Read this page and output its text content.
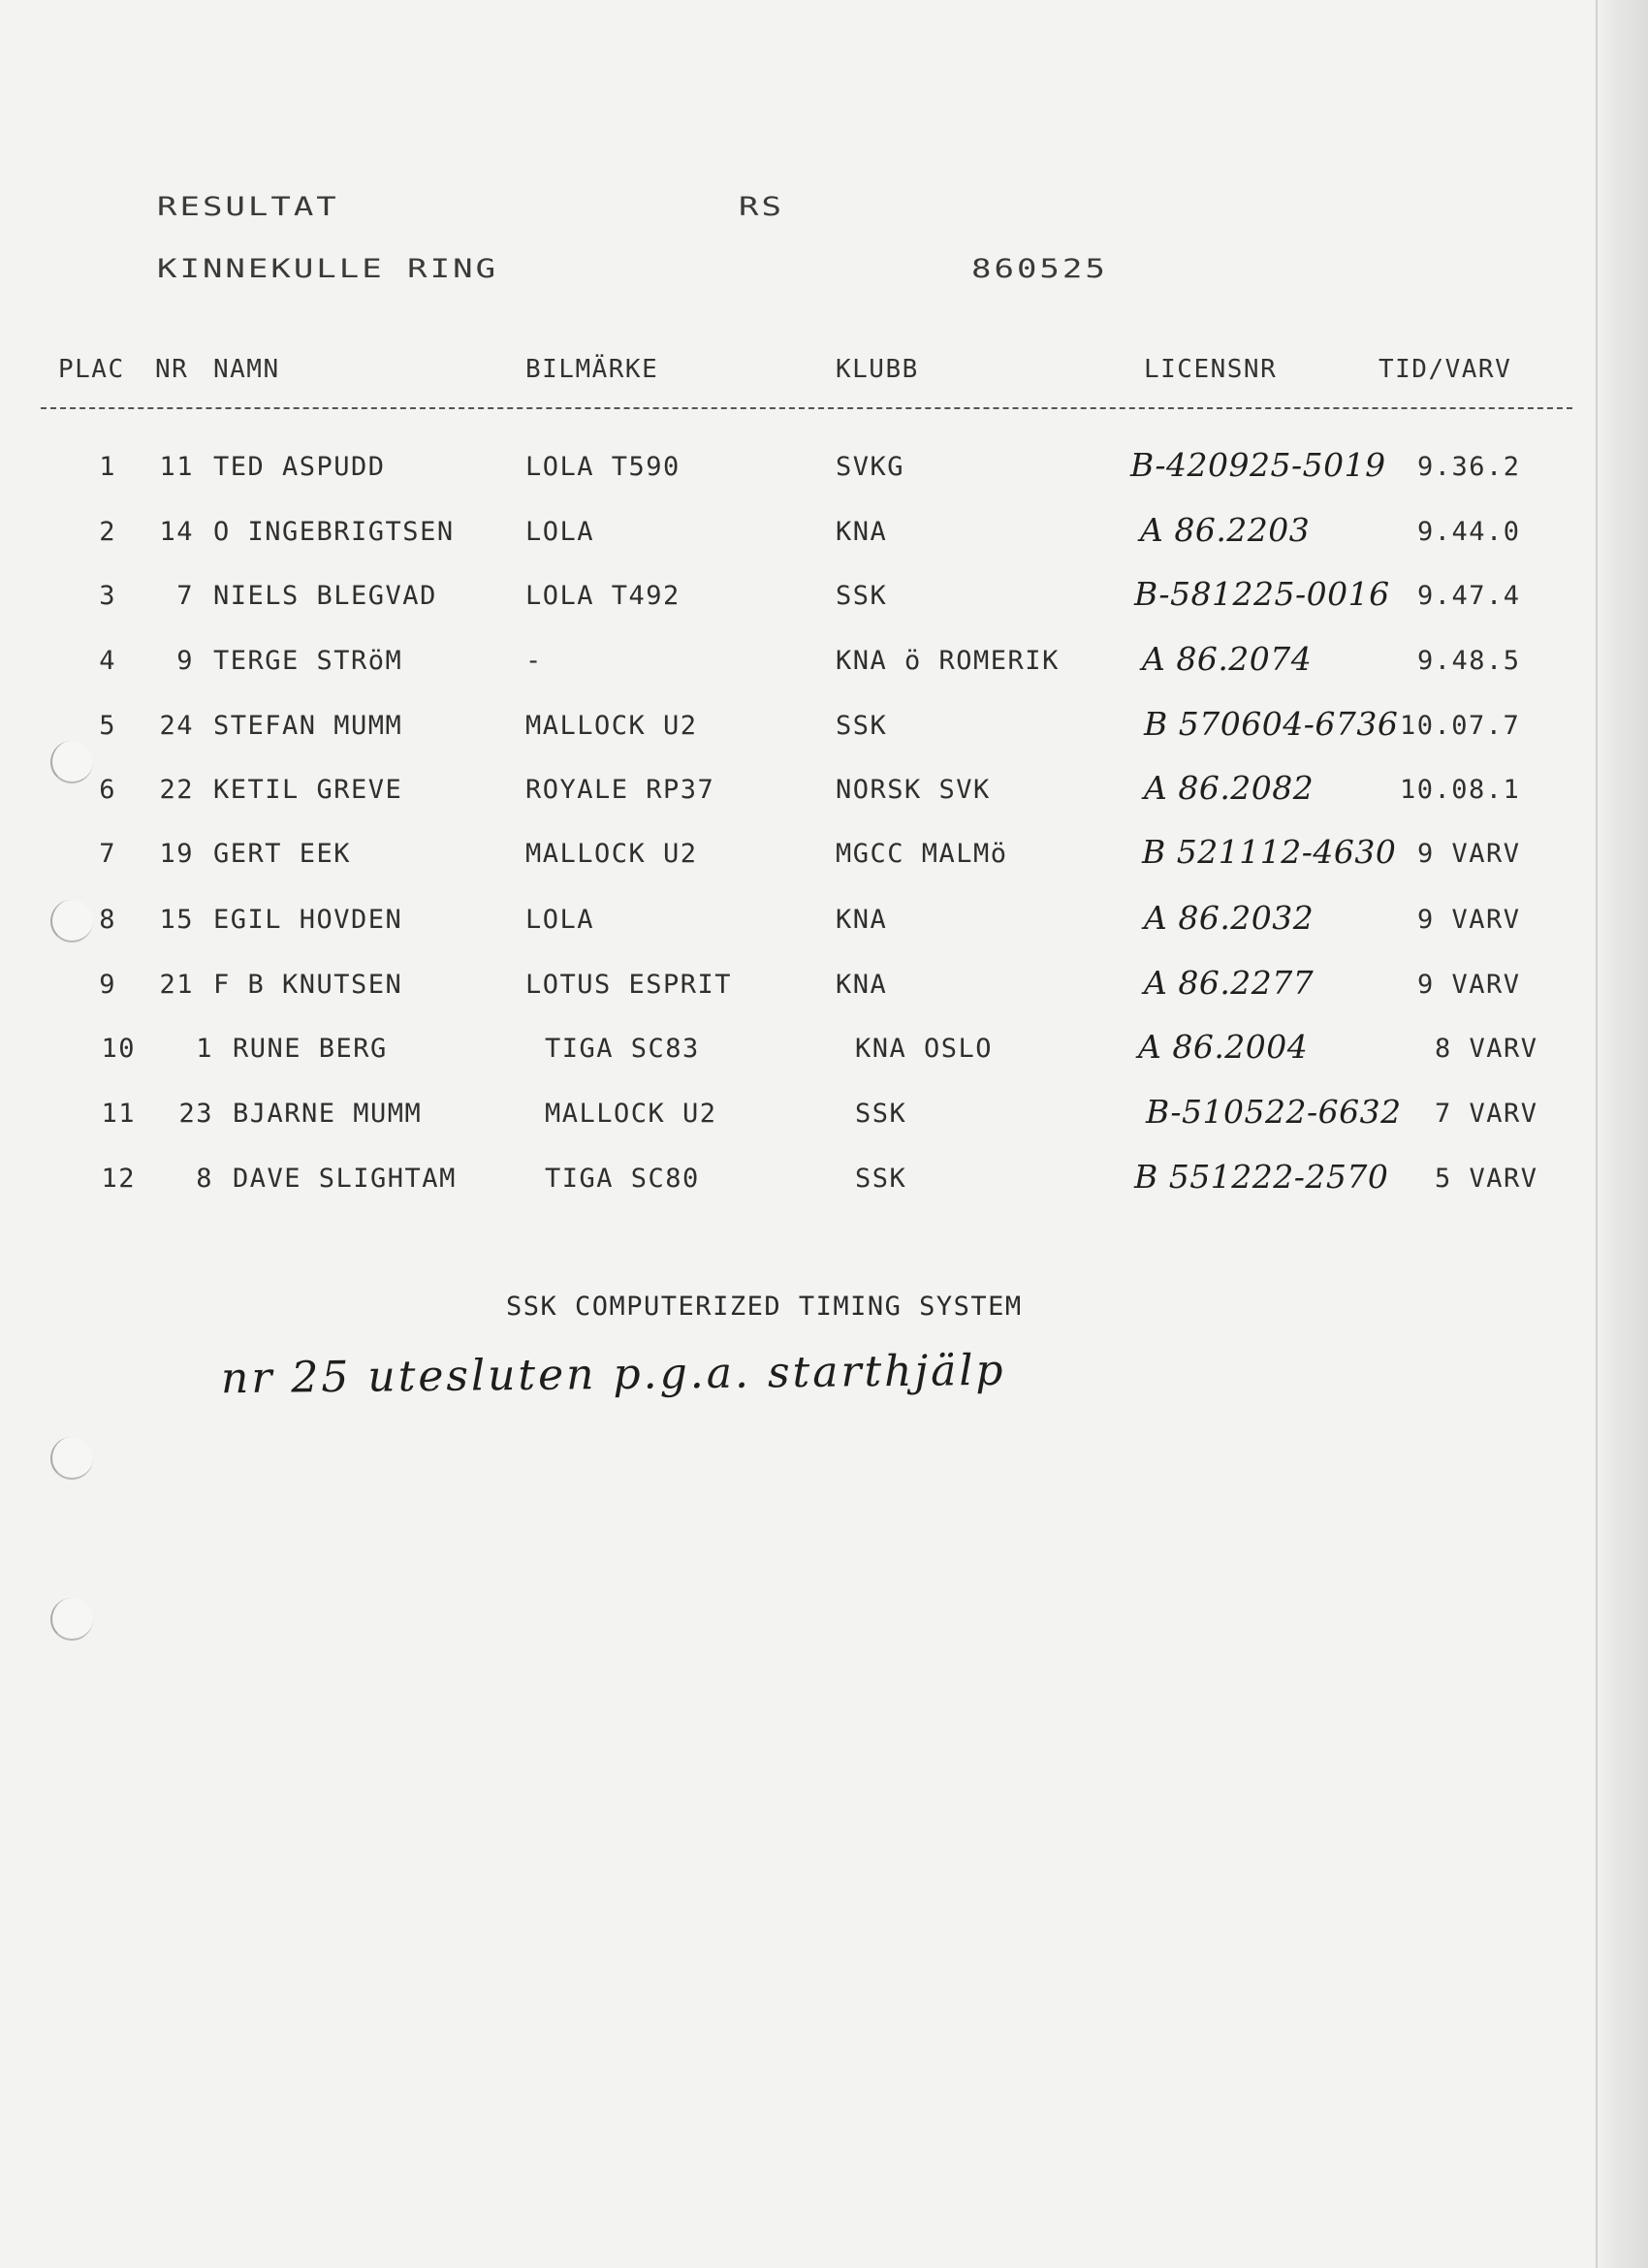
RESULTAT	RS
KINNEKULLE RING	860525
PLAC NR NAMN	BILMÄRKE	KLUBB	LICENSNR	TID/VARV
1	11 TED ASPUDD	LOLA T590	SVKG	B-420925-5019 9.36.2
2	14 O INGEBRIGTSEN	LOLA	KNA	A 86.2203	9.44.0
3	7 NIELS BLEGVAD	LOLA T492	SSK	B-581225-0016 9.47.4
4	9 TERGE STRöM	-	KNA ö ROMERIK	A 86.2074	9.48.5
5	24 STEFAN MUMM	MALLOCK U2	SSK	B 570604-6736 10.07.7
6	22 KETIL GREVE	ROYALE RP37	NORSK SVK	A 86.2082	10.08.1
7	19 GERT EEK	MALLOCK U2	MGCC MALMö	B 521112-4630 9 VARV
8	15 EGIL HOVDEN	LOLA	KNA	A 86.2032	9 VARV
9	21 F B KNUTSEN	LOTUS ESPRIT	KNA	A 86.2277	9 VARV
10	1 RUNE BERG	TIGA SC83	KNA OSLO	A 86.2004	8 VARV
11	23 BJARNE MUMM	MALLOCK U2	SSK	B-510522-6632 7 VARV
12	8 DAVE SLIGHTAM	TIGA SC80	SSK	B 551222-2570 5 VARV
SSK COMPUTERIZED TIMING SYSTEM
nr 25 utesluten p.g.a. starthjälp
